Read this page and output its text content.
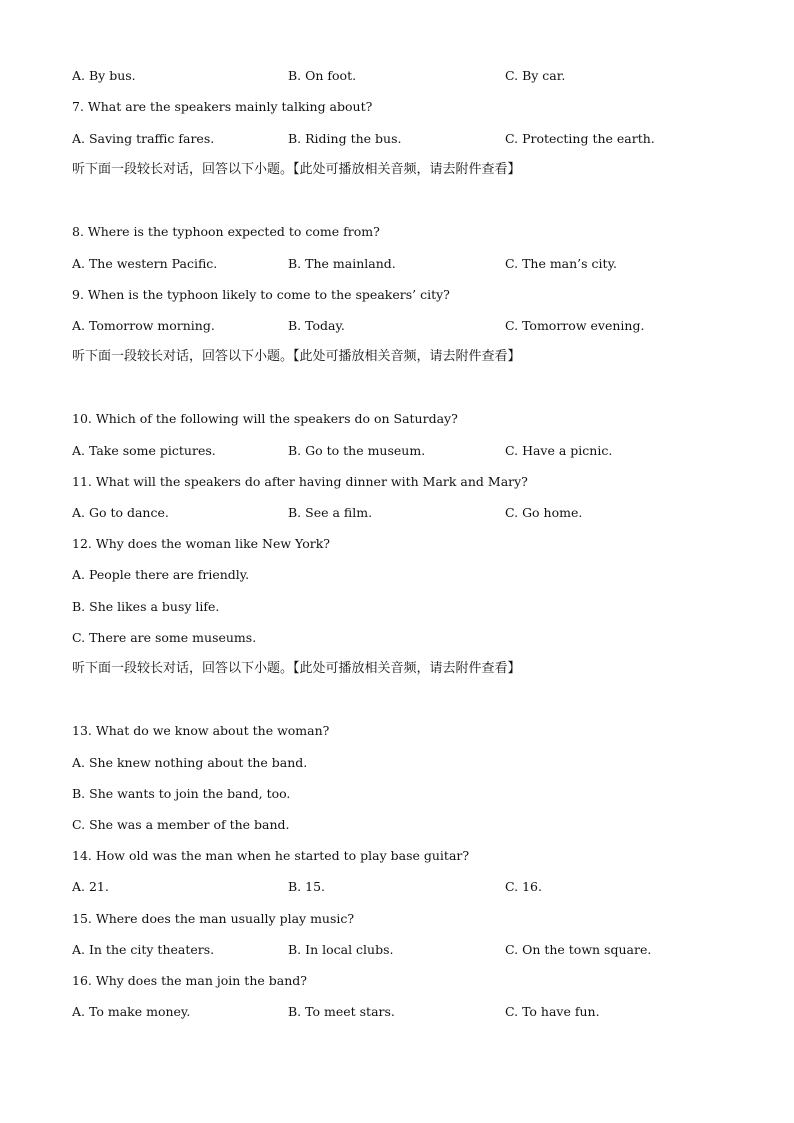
A. By bus.	B. On foot.	C. By car.
7. What are the speakers mainly talking about?
A. Saving traffic fares.	B. Riding the bus.	C. Protecting the earth.
听下面一段较长对话，回答以下小题。【此处可播放相关音频，请去附件查看】
8. Where is the typhoon expected to come from?
A. The western Pacific.	B. The mainland.	C. The man’s city.
9. When is the typhoon likely to come to the speakers’ city?
A. Tomorrow morning.	B. Today.	C. Tomorrow evening.
听下面一段较长对话，回答以下小题。【此处可播放相关音频，请去附件查看】
10. Which of the following will the speakers do on Saturday?
A. Take some pictures.	B. Go to the museum.	C. Have a picnic.
11. What will the speakers do after having dinner with Mark and Mary?
A. Go to dance.	B. See a film.	C. Go home.
12. Why does the woman like New York?
A. People there are friendly.
B. She likes a busy life.
C. There are some museums.
听下面一段较长对话，回答以下小题。【此处可播放相关音频，请去附件查看】
13. What do we know about the woman?
A. She knew nothing about the band.
B. She wants to join the band, too.
C. She was a member of the band.
14. How old was the man when he started to play base guitar?
A. 21.	B. 15.	C. 16.
15. Where does the man usually play music?
A. In the city theaters.	B. In local clubs.	C. On the town square.
16. Why does the man join the band?
A. To make money.	B. To meet stars.	C. To have fun.
